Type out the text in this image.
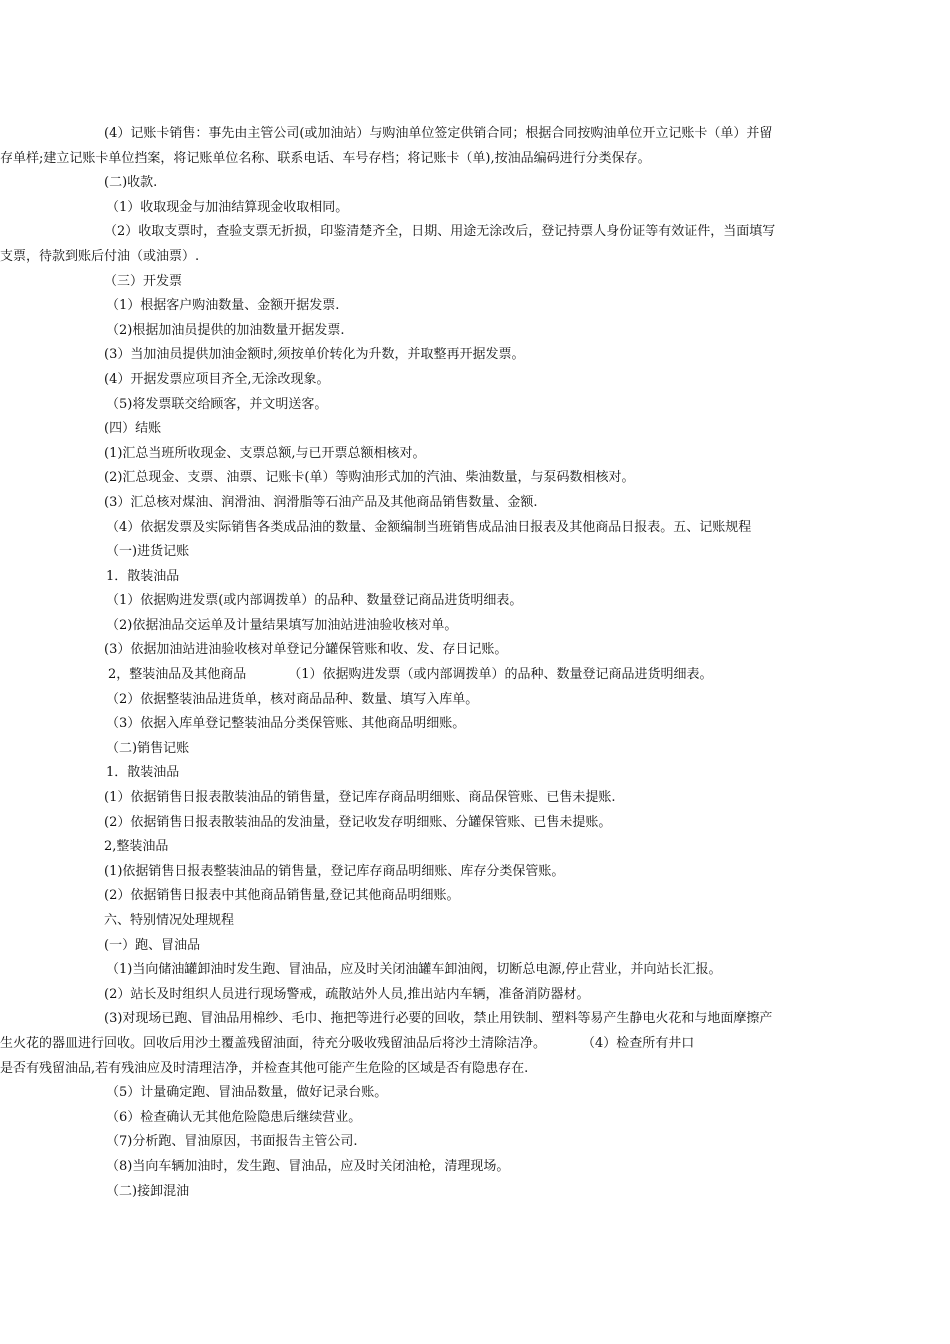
(4）记账卡销售：事先由主管公司(或加油站）与购油单位签定供销合同；根据合同按购油单位开立记账卡（单）并留
存单样;建立记账卡单位挡案，将记账单位名称、联系电话、车号存档；将记账卡（单),按油品编码进行分类保存。

(二)收款.

（1）收取现金与加油结算现金收取相同。

（2）收取支票时，查验支票无折损，印鉴清楚齐全，日期、用途无涂改后，登记持票人身份证等有效证件，当面填写
支票，待款到账后付油（或油票）.

（三）开发票

（1）根据客户购油数量、金额开据发票.

（2)根据加油员提供的加油数量开据发票.

(3）当加油员提供加油金额时,须按单价转化为升数，并取整再开据发票。

(4）开据发票应项目齐全,无涂改现象。

（5)将发票联交给顾客，并文明送客。

(四）结账

(1)汇总当班所收现金、支票总额,与已开票总额相核对。

(2)汇总现金、支票、油票、记账卡(单）等购油形式加的汽油、柴油数量，与泵码数相核对。

(3）汇总核对煤油、润滑油、润滑脂等石油产品及其他商品销售数量、金额.

（4）依据发票及实际销售各类成品油的数量、金额编制当班销售成品油日报表及其他商品日报表。五、记账规程

（一)进货记账

1．散装油品

（1）依据购进发票(或内部调拨单）的品种、数量登记商品进货明细表。

（2)依据油品交运单及计量结果填写加油站进油验收核对单。

(3）依据加油站进油验收核对单登记分罐保管账和收、发、存日记账。

2，整装油品及其他商品	（1）依据购进发票（或内部调拨单）的品种、数量登记商品进货明细表。

（2）依据整装油品进货单，核对商品品种、数量、填写入库单。

（3）依据入库单登记整装油品分类保管账、其他商品明细账。

（二)销售记账

1．散装油品

(1）依据销售日报表散装油品的销售量，登记库存商品明细账、商品保管账、已售未提账.

(2）依据销售日报表散装油品的发油量，登记收发存明细账、分罐保管账、已售未提账。

2,整装油品

(1)依据销售日报表整装油品的销售量，登记库存商品明细账、库存分类保管账。

(2）依据销售日报表中其他商品销售量,登记其他商品明细账。

六、特别情况处理规程

(一）跑、冒油品

（1)当向储油罐卸油时发生跑、冒油品，应及时关闭油罐车卸油阀，切断总电源,停止营业，并向站长汇报。

(2）站长及时组织人员进行现场警戒，疏散站外人员,推出站内车辆，准备消防器材。

(3)对现场已跑、冒油品用棉纱、毛巾、拖把等进行必要的回收，禁止用铁制、塑料等易产生静电火花和与地面摩擦产
生火花的器皿进行回收。回收后用沙土覆盖残留油面，待充分吸收残留油品后将沙土清除洁净。	（4）检查所有井口
是否有残留油品,若有残油应及时清理洁净，并检查其他可能产生危险的区域是否有隐患存在.

（5）计量确定跑、冒油品数量，做好记录台账。

（6）检查确认无其他危险隐患后继续营业。

（7)分析跑、冒油原因，书面报告主管公司.

（8)当向车辆加油时，发生跑、冒油品，应及时关闭油枪，清理现场。

（二)接卸混油
